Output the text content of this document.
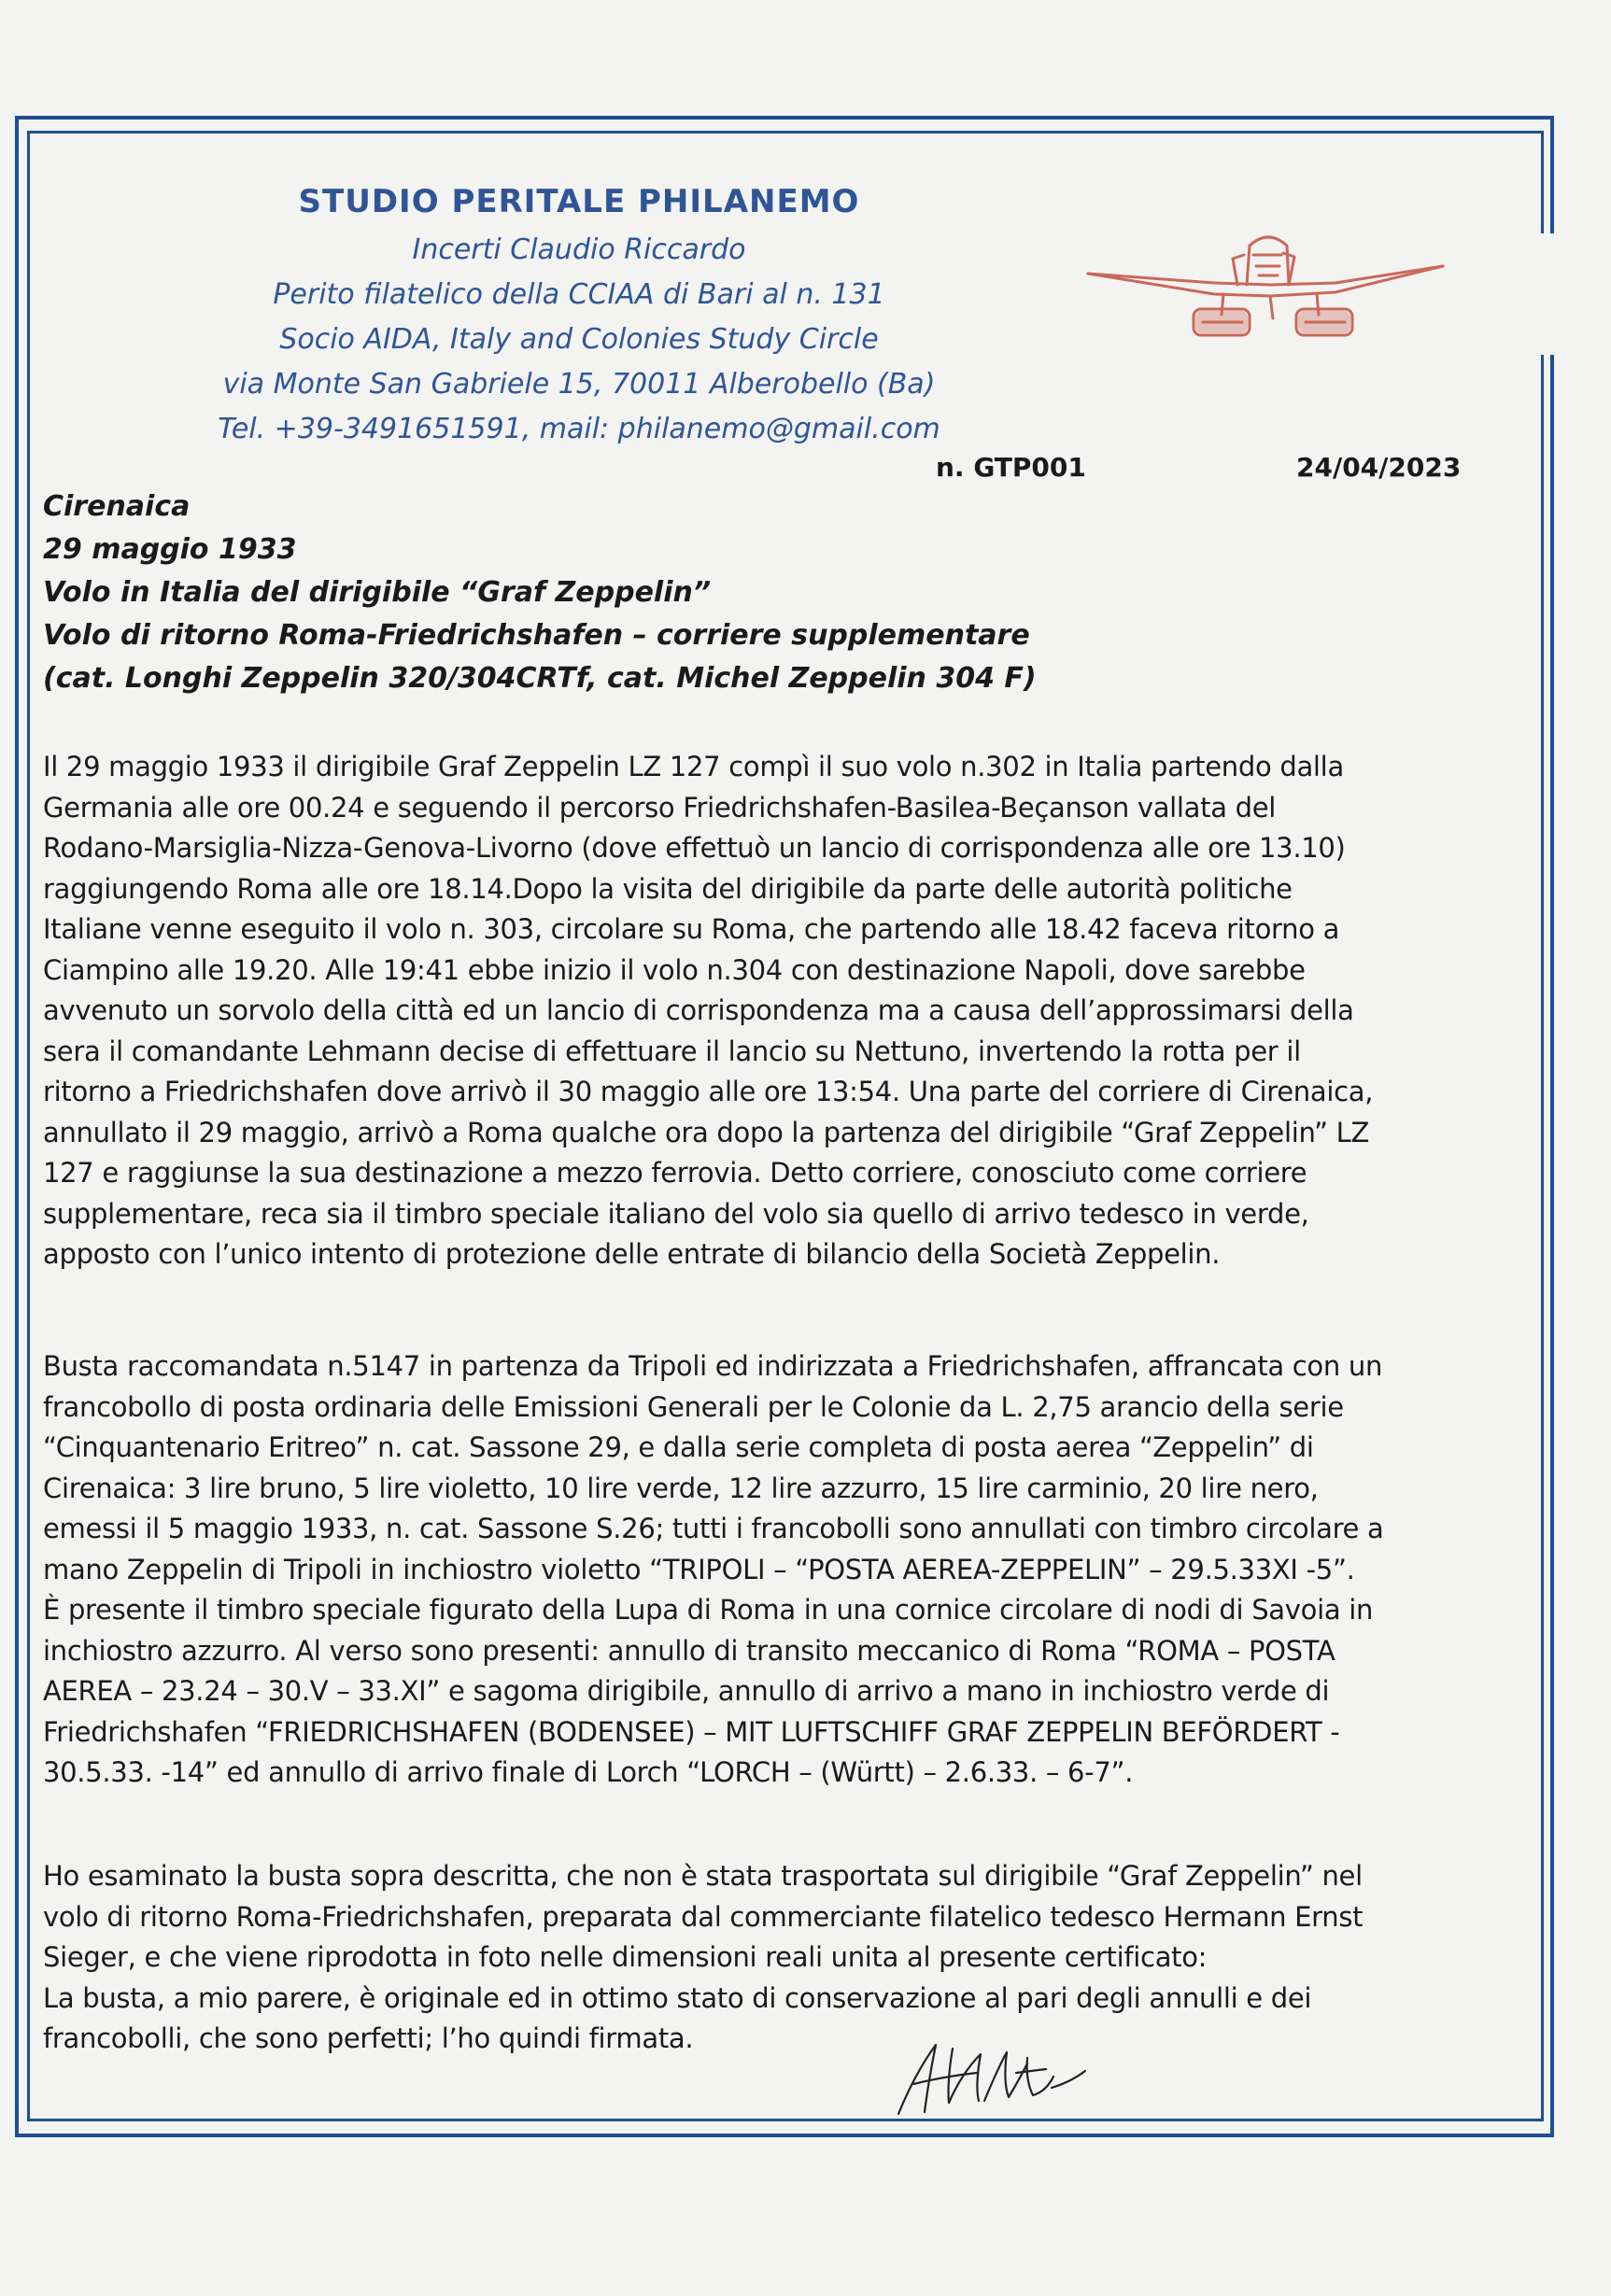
STUDIO PERITALE PHILANEMO
Incerti Claudio Riccardo
Perito filatelico della CCIAA di Bari al n. 131
Socio AIDA, Italy and Colonies Study Circle
via Monte San Gabriele 15, 70011 Alberobello (Ba)
Tel. +39-3491651591, mail: philanemo@gmail.com
n. GTP001	24/04/2023
Cirenaica
29 maggio 1933
Volo in Italia del dirigibile “Graf Zeppelin”
Volo di ritorno Roma-Friedrichshafen – corriere supplementare
(cat. Longhi Zeppelin 320/304CRTf, cat. Michel Zeppelin 304 F)
Il 29 maggio 1933 il dirigibile Graf Zeppelin LZ 127 compì il suo volo n.302 in Italia partendo dalla
Germania alle ore 00.24 e seguendo il percorso Friedrichshafen-Basilea-Beçanson vallata del
Rodano-Marsiglia-Nizza-Genova-Livorno (dove effettuò un lancio di corrispondenza alle ore 13.10)
raggiungendo Roma alle ore 18.14.Dopo la visita del dirigibile da parte delle autorità politiche
Italiane venne eseguito il volo n. 303, circolare su Roma, che partendo alle 18.42 faceva ritorno a
Ciampino alle 19.20. Alle 19:41 ebbe inizio il volo n.304 con destinazione Napoli, dove sarebbe
avvenuto un sorvolo della città ed un lancio di corrispondenza ma a causa dell’approssimarsi della
sera il comandante Lehmann decise di effettuare il lancio su Nettuno, invertendo la rotta per il
ritorno a Friedrichshafen dove arrivò il 30 maggio alle ore 13:54. Una parte del corriere di Cirenaica,
annullato il 29 maggio, arrivò a Roma qualche ora dopo la partenza del dirigibile “Graf Zeppelin” LZ
127 e raggiunse la sua destinazione a mezzo ferrovia. Detto corriere, conosciuto come corriere
supplementare, reca sia il timbro speciale italiano del volo sia quello di arrivo tedesco in verde,
apposto con l’unico intento di protezione delle entrate di bilancio della Società Zeppelin.
Busta raccomandata n.5147 in partenza da Tripoli ed indirizzata a Friedrichshafen, affrancata con un
francobollo di posta ordinaria delle Emissioni Generali per le Colonie da L. 2,75 arancio della serie
“Cinquantenario Eritreo” n. cat. Sassone 29, e dalla serie completa di posta aerea “Zeppelin” di
Cirenaica: 3 lire bruno, 5 lire violetto, 10 lire verde, 12 lire azzurro, 15 lire carminio, 20 lire nero,
emessi il 5 maggio 1933, n. cat. Sassone S.26; tutti i francobolli sono annullati con timbro circolare a
mano Zeppelin di Tripoli in inchiostro violetto “TRIPOLI – “POSTA AEREA-ZEPPELIN” – 29.5.33XI -5”.
È presente il timbro speciale figurato della Lupa di Roma in una cornice circolare di nodi di Savoia in
inchiostro azzurro. Al verso sono presenti: annullo di transito meccanico di Roma “ROMA – POSTA
AEREA – 23.24 – 30.V – 33.XI” e sagoma dirigibile, annullo di arrivo a mano in inchiostro verde di
Friedrichshafen “FRIEDRICHSHAFEN (BODENSEE) – MIT LUFTSCHIFF GRAF ZEPPELIN BEFÖRDERT -
30.5.33. -14” ed annullo di arrivo finale di Lorch “LORCH – (Württ) – 2.6.33. – 6-7”.
Ho esaminato la busta sopra descritta, che non è stata trasportata sul dirigibile “Graf Zeppelin” nel
volo di ritorno Roma-Friedrichshafen, preparata dal commerciante filatelico tedesco Hermann Ernst
Sieger, e che viene riprodotta in foto nelle dimensioni reali unita al presente certificato:
La busta, a mio parere, è originale ed in ottimo stato di conservazione al pari degli annulli e dei
francobolli, che sono perfetti; l’ho quindi firmata.
